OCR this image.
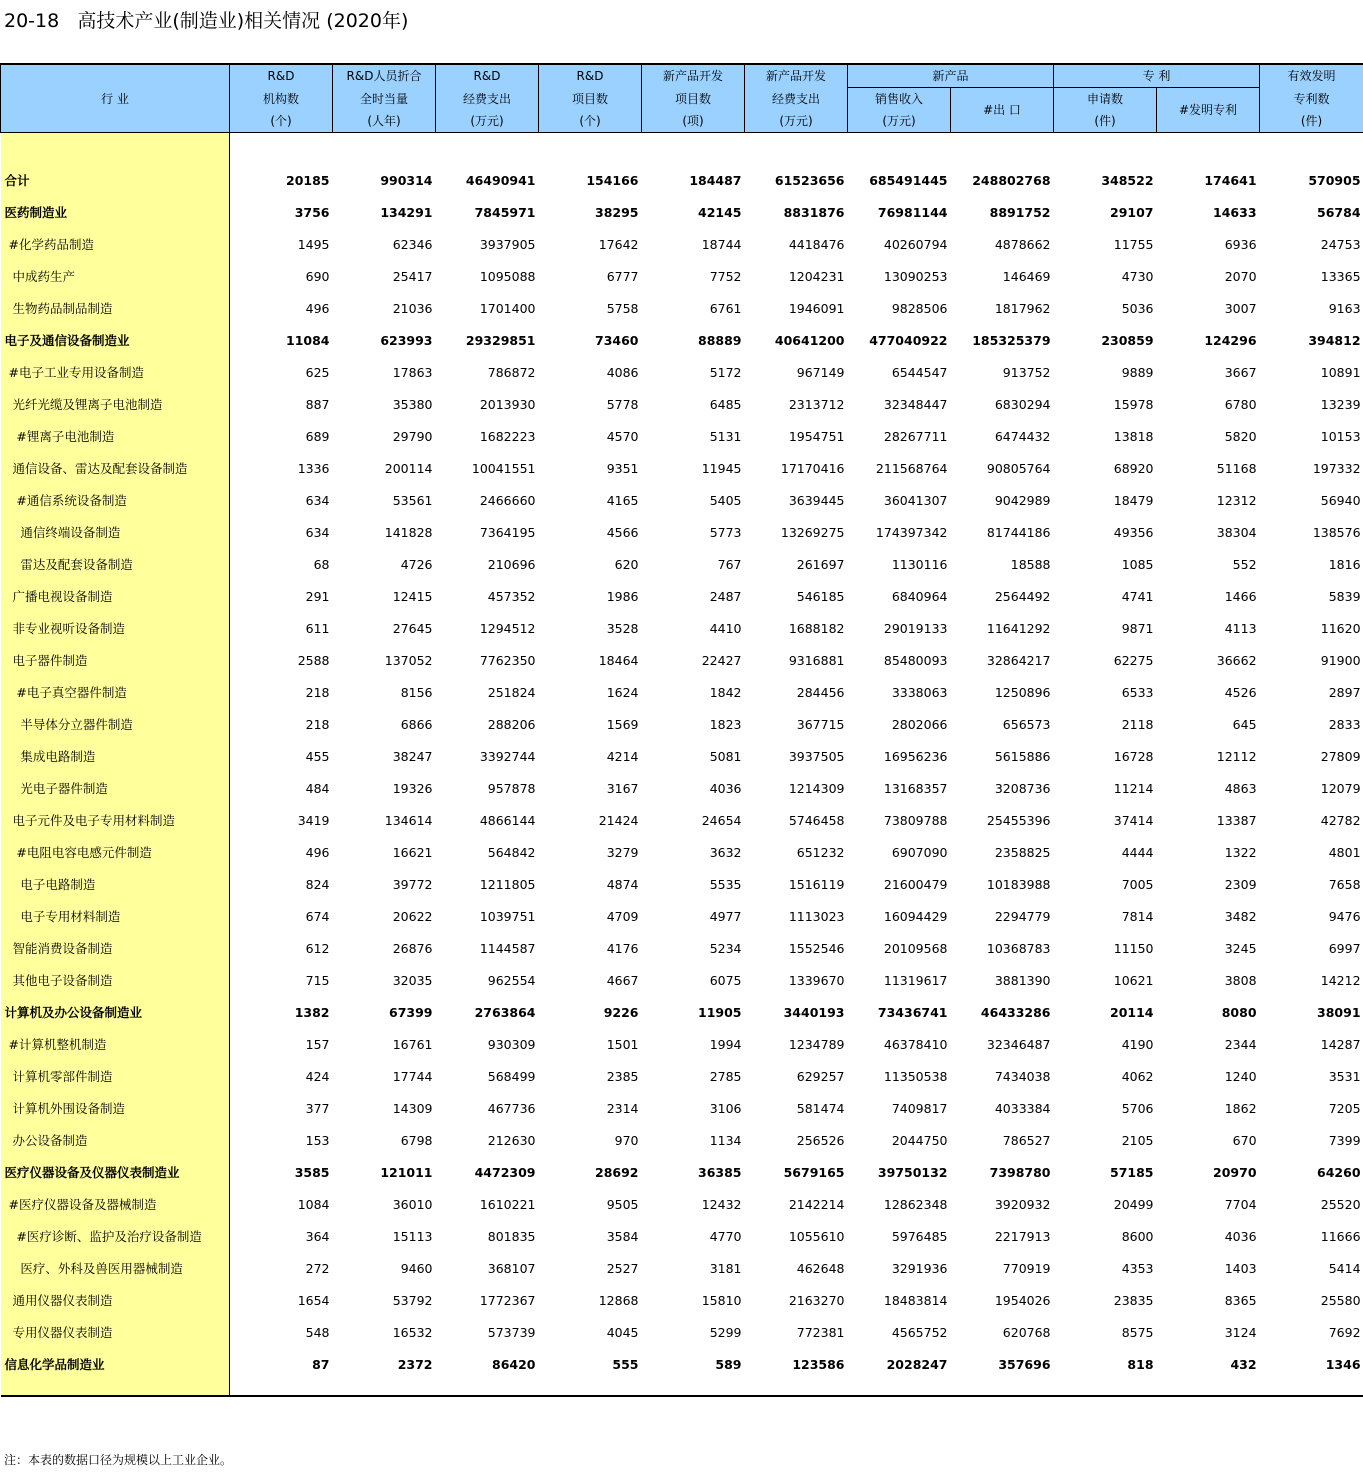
20-18   高技术产业(制造业)相关情况 (2020年)
行 业	R&D	R&D人员折合	R&D	R&D	新产品开发	新产品开发	新产品		专 利		有效发明
	机构数	全时当量	经费支出	项目数	项目数	经费支出	销售收入	#出 口	申请数	#发明专利	专利数
	(个)	(人年)	(万元)	(个)	(项)	(万元)	(万元)		(件)		(件)

合计	20185	990314	46490941	154166	184487	61523656	685491445	248802768	348522	174641	570905
医药制造业	3756	134291	7845971	38295	42145	8831876	76981144	8891752	29107	14633	56784
#化学药品制造	1495	62346	3937905	17642	18744	4418476	40260794	4878662	11755	6936	24753
中成药生产	690	25417	1095088	6777	7752	1204231	13090253	146469	4730	2070	13365
生物药品制品制造	496	21036	1701400	5758	6761	1946091	9828506	1817962	5036	3007	9163
电子及通信设备制造业	11084	623993	29329851	73460	88889	40641200	477040922	185325379	230859	124296	394812
#电子工业专用设备制造	625	17863	786872	4086	5172	967149	6544547	913752	9889	3667	10891
光纤光缆及锂离子电池制造	887	35380	2013930	5778	6485	2313712	32348447	6830294	15978	6780	13239
#锂离子电池制造	689	29790	1682223	4570	5131	1954751	28267711	6474432	13818	5820	10153
通信设备、雷达及配套设备制造	1336	200114	10041551	9351	11945	17170416	211568764	90805764	68920	51168	197332
#通信系统设备制造	634	53561	2466660	4165	5405	3639445	36041307	9042989	18479	12312	56940
通信终端设备制造	634	141828	7364195	4566	5773	13269275	174397342	81744186	49356	38304	138576
雷达及配套设备制造	68	4726	210696	620	767	261697	1130116	18588	1085	552	1816
广播电视设备制造	291	12415	457352	1986	2487	546185	6840964	2564492	4741	1466	5839
非专业视听设备制造	611	27645	1294512	3528	4410	1688182	29019133	11641292	9871	4113	11620
电子器件制造	2588	137052	7762350	18464	22427	9316881	85480093	32864217	62275	36662	91900
#电子真空器件制造	218	8156	251824	1624	1842	284456	3338063	1250896	6533	4526	2897
半导体分立器件制造	218	6866	288206	1569	1823	367715	2802066	656573	2118	645	2833
集成电路制造	455	38247	3392744	4214	5081	3937505	16956236	5615886	16728	12112	27809
光电子器件制造	484	19326	957878	3167	4036	1214309	13168357	3208736	11214	4863	12079
电子元件及电子专用材料制造	3419	134614	4866144	21424	24654	5746458	73809788	25455396	37414	13387	42782
#电阻电容电感元件制造	496	16621	564842	3279	3632	651232	6907090	2358825	4444	1322	4801
电子电路制造	824	39772	1211805	4874	5535	1516119	21600479	10183988	7005	2309	7658
电子专用材料制造	674	20622	1039751	4709	4977	1113023	16094429	2294779	7814	3482	9476
智能消费设备制造	612	26876	1144587	4176	5234	1552546	20109568	10368783	11150	3245	6997
其他电子设备制造	715	32035	962554	4667	6075	1339670	11319617	3881390	10621	3808	14212
计算机及办公设备制造业	1382	67399	2763864	9226	11905	3440193	73436741	46433286	20114	8080	38091
#计算机整机制造	157	16761	930309	1501	1994	1234789	46378410	32346487	4190	2344	14287
计算机零部件制造	424	17744	568499	2385	2785	629257	11350538	7434038	4062	1240	3531
计算机外围设备制造	377	14309	467736	2314	3106	581474	7409817	4033384	5706	1862	7205
办公设备制造	153	6798	212630	970	1134	256526	2044750	786527	2105	670	7399
医疗仪器设备及仪器仪表制造业	3585	121011	4472309	28692	36385	5679165	39750132	7398780	57185	20970	64260
#医疗仪器设备及器械制造	1084	36010	1610221	9505	12432	2142214	12862348	3920932	20499	7704	25520
#医疗诊断、监护及治疗设备制造	364	15113	801835	3584	4770	1055610	5976485	2217913	8600	4036	11666
医疗、外科及兽医用器械制造	272	9460	368107	2527	3181	462648	3291936	770919	4353	1403	5414
通用仪器仪表制造	1654	53792	1772367	12868	15810	2163270	18483814	1954026	23835	8365	25580
专用仪器仪表制造	548	16532	573739	4045	5299	772381	4565752	620768	8575	3124	7692
信息化学品制造业	87	2372	86420	555	589	123586	2028247	357696	818	432	1346

注：本表的数据口径为规模以上工业企业。
